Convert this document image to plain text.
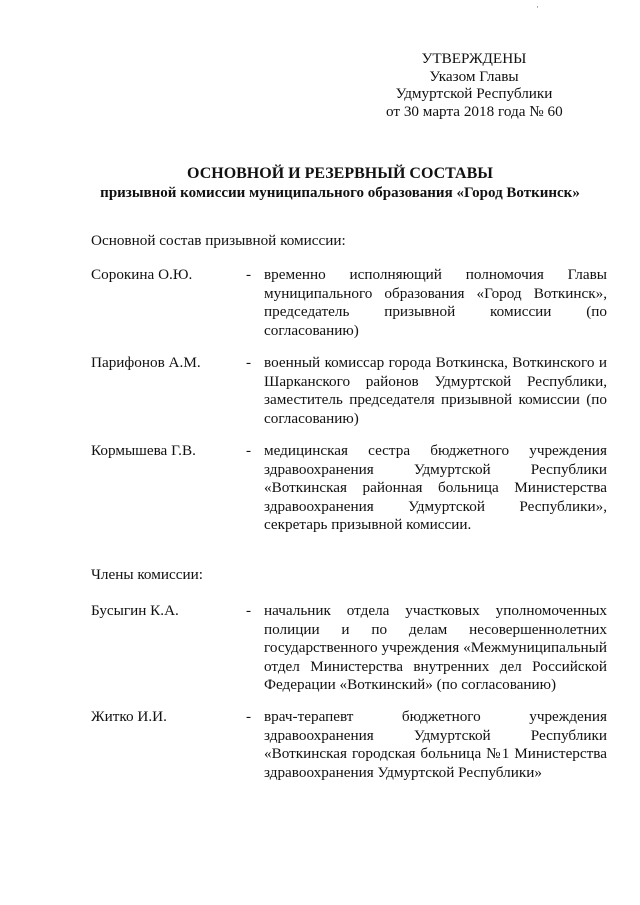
·
УТВЕРЖДЕНЫ
Указом Главы
Удмуртской Республики
от 30 марта 2018 года № 60
ОСНОВНОЙ И РЕЗЕРВНЫЙ СОСТАВЫ
призывной комиссии муниципального образования «Город Воткинск»
Основной состав призывной комиссии:
Сорокина О.Ю.	- временно исполняющий полномочия Главы муниципального образования «Город Воткинск», председатель призывной комиссии (по согласованию)
Парифонов А.М.	- военный комиссар города Воткинска, Воткинского и Шарканского районов Удмуртской Республики, заместитель председателя призывной комиссии (по согласованию)
Кормышева Г.В.	- медицинская сестра бюджетного учреждения здравоохранения Удмуртской Республики «Воткинская районная больница Министерства здравоохранения Удмуртской Республики», секретарь призывной комиссии.
Члены комиссии:
Бусыгин К.А.	- начальник отдела участковых уполномоченных полиции и по делам несовершеннолетних государственного учреждения «Межмуниципальный отдел Министерства внутренних дел Российской Федерации «Воткинский» (по согласованию)
Житко И.И.	- врач-терапевт бюджетного учреждения здравоохранения Удмуртской Республики «Воткинская городская больница №1 Министерства здравоохранения Удмуртской Республики»
